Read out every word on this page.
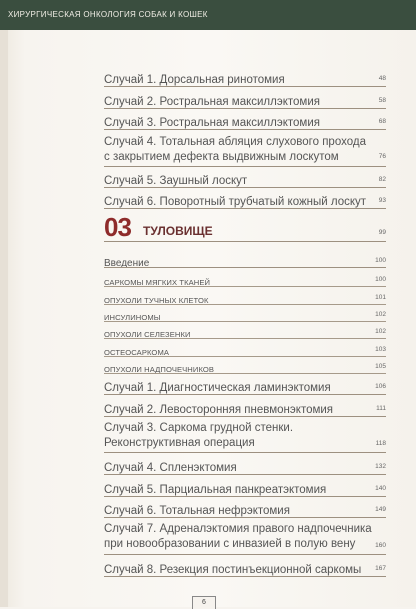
ХИРУРГИЧЕСКАЯ ОНКОЛОГИЯ СОБАК И КОШЕК
Случай 1. Дорсальная ринотомия	48
Случай 2. Ростральная максиллэктомия	58
Случай 3. Ростральная максиллэктомия	68
Случай 4. Тотальная абляция слухового прохода
с закрытием дефекта выдвижным лоскутом	76
Случай 5. Заушный лоскут	82
Случай 6. Поворотный трубчатый кожный лоскут 93
03 ТУЛОВИЩЕ	99
Введение	100
САРКОМЫ МЯГКИХ ТКАНЕЙ	100
ОПУХОЛИ ТУЧНЫХ КЛЕТОК	101
ИНСУЛИНОМЫ	102
ОПУХОЛИ СЕЛЕЗЕНКИ	102
ОСТЕОСАРКОМА	103
ОПУХОЛИ НАДПОЧЕЧНИКОВ	105
Случай 1. Диагностическая ламинэктомия	106
Случай 2. Левосторонняя пневмонэктомия	111
Случай 3. Саркома грудной стенки.
Реконструктивная операция	118
Случай 4. Спленэктомия	132
Случай 5. Парциальная панкреатэктомия	140
Случай 6. Тотальная нефрэктомия	149
Случай 7. Адреналэктомия правого надпочечника
при новообразовании с инвазией в полую вену	160
Случай 8. Резекция постинъекционной саркомы 167
6
